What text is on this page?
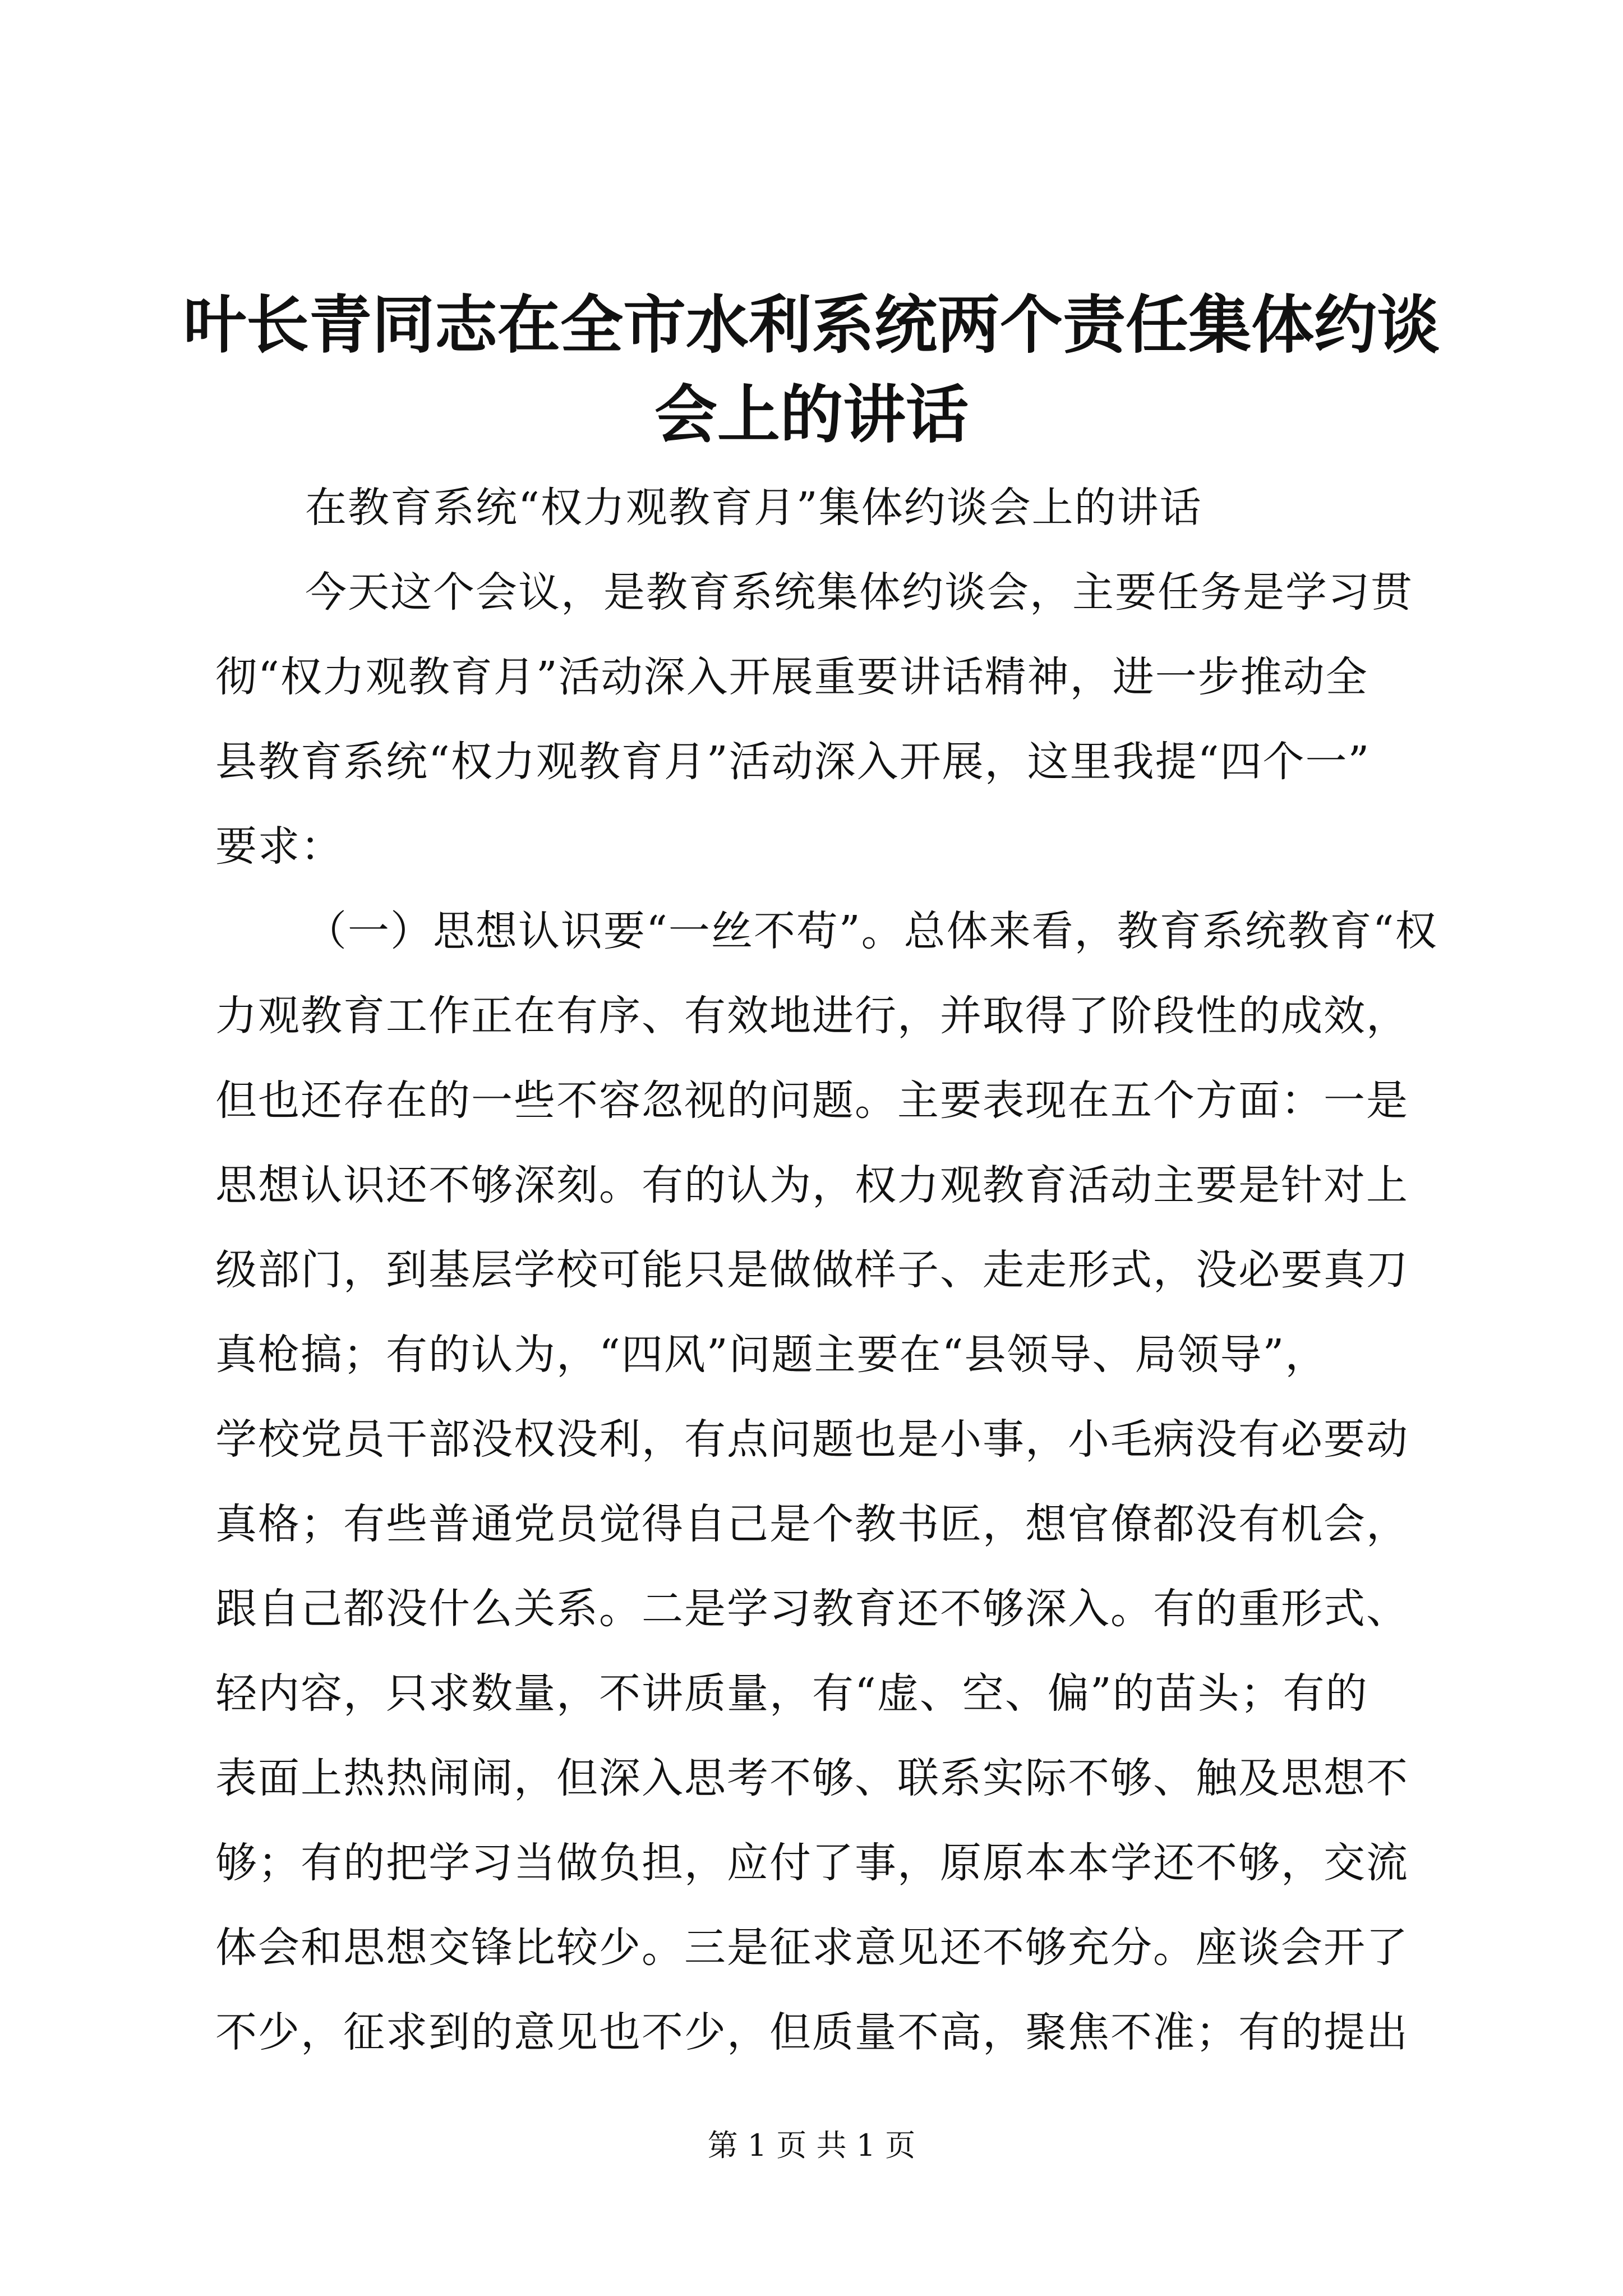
叶长青同志在全市水利系统两个责任集体约谈
会上的讲话
在教育系统“权力观教育月”集体约谈会上的讲话
今天这个会议，是教育系统集体约谈会，主要任务是学习贯
彻“权力观教育月”活动深入开展重要讲话精神，进一步推动全
县教育系统“权力观教育月”活动深入开展，这里我提“四个一”
要求：
（一）思想认识要“一丝不苟”。总体来看，教育系统教育“权
力观教育工作正在有序、有效地进行，并取得了阶段性的成效，
但也还存在的一些不容忽视的问题。主要表现在五个方面：一是
思想认识还不够深刻。有的认为，权力观教育活动主要是针对上
级部门，到基层学校可能只是做做样子、走走形式，没必要真刀
真枪搞；有的认为，“四风”问题主要在“县领导、局领导”，
学校党员干部没权没利，有点问题也是小事，小毛病没有必要动
真格；有些普通党员觉得自己是个教书匠，想官僚都没有机会，
跟自己都没什么关系。二是学习教育还不够深入。有的重形式、
轻内容，只求数量，不讲质量，有“虚、空、偏”的苗头；有的
表面上热热闹闹，但深入思考不够、联系实际不够、触及思想不
够；有的把学习当做负担，应付了事，原原本本学还不够，交流
体会和思想交锋比较少。三是征求意见还不够充分。座谈会开了
不少，征求到的意见也不少，但质量不高，聚焦不准；有的提出
第 1 页 共 1 页
